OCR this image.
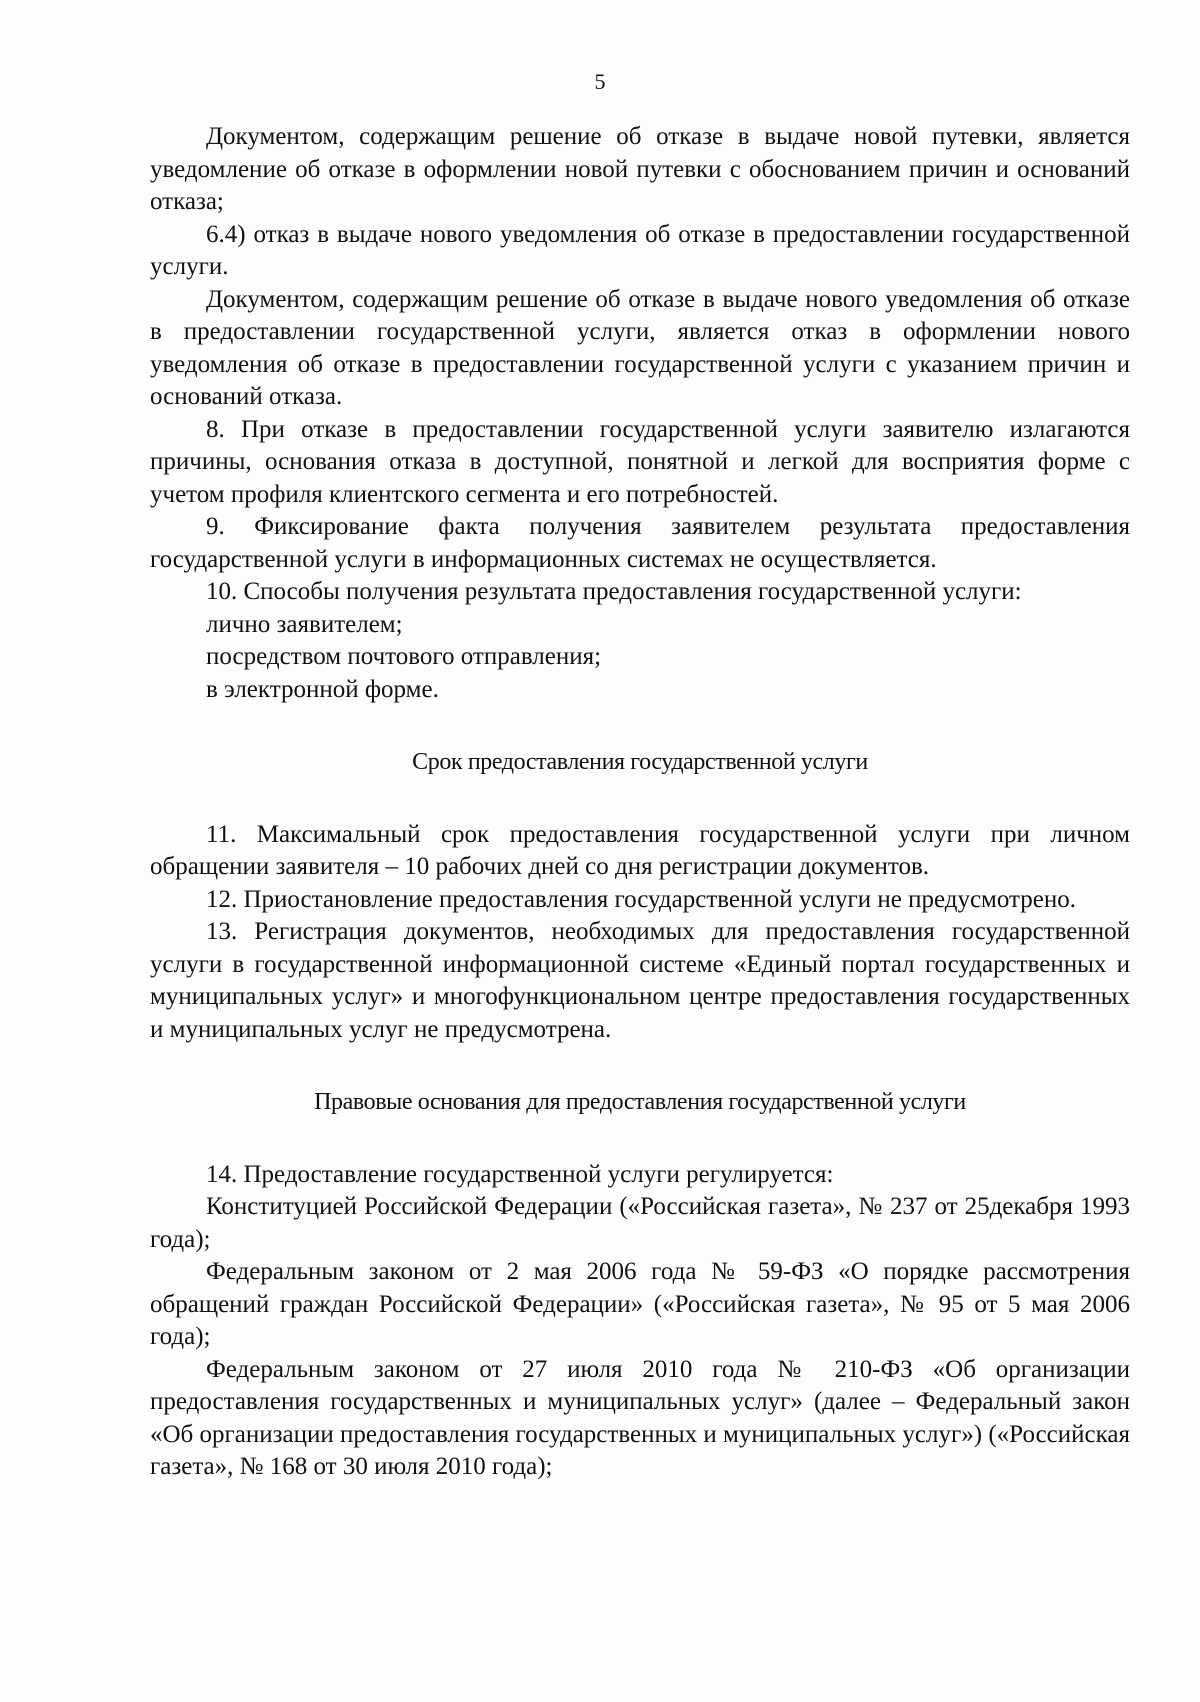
5

Документом, содержащим решение об отказе в выдаче новой путевки, является уведомление об отказе в оформлении новой путевки с обоснованием причин и оснований отказа;

6.4) отказ в выдаче нового уведомления об отказе в предоставлении государственной услуги.

Документом, содержащим решение об отказе в выдаче нового уведомления об отказе в предоставлении государственной услуги, является отказ в оформлении нового уведомления об отказе в предоставлении государственной услуги с указанием причин и оснований отказа.

8. При отказе в предоставлении государственной услуги заявителю излагаются причины, основания отказа в доступной, понятной и легкой для восприятия форме с учетом профиля клиентского сегмента и его потребностей.

9. Фиксирование факта получения заявителем результата предоставления государственной услуги в информационных системах не осуществляется.

10. Способы получения результата предоставления государственной услуги:

лично заявителем;
посредством почтового отправления;
в электронной форме.
Срок предоставления государственной услуги

11. Максимальный срок предоставления государственной услуги при личном обращении заявителя – 10 рабочих дней со дня регистрации документов.

12. Приостановление предоставления государственной услуги не предусмотрено.

13. Регистрация документов, необходимых для предоставления государственной услуги в государственной информационной системе «Единый портал государственных и муниципальных услуг» и многофункциональном центре предоставления государственных и муниципальных услуг не предусмотрена.

Правовые основания для предоставления государственной услуги

14. Предоставление государственной услуги регулируется:

Конституцией Российской Федерации («Российская газета», № 237 от 25декабря 1993 года);

Федеральным законом от 2 мая 2006 года № 59-ФЗ «О порядке рассмотрения обращений граждан Российской Федерации» («Российская газета», № 95 от 5 мая 2006 года);

Федеральным законом от 27 июля 2010 года № 210-ФЗ «Об организации предоставления государственных и муниципальных услуг» (далее – Федеральный закон «Об организации предоставления государственных и муниципальных услуг») («Российская газета», № 168 от 30 июля 2010 года);
